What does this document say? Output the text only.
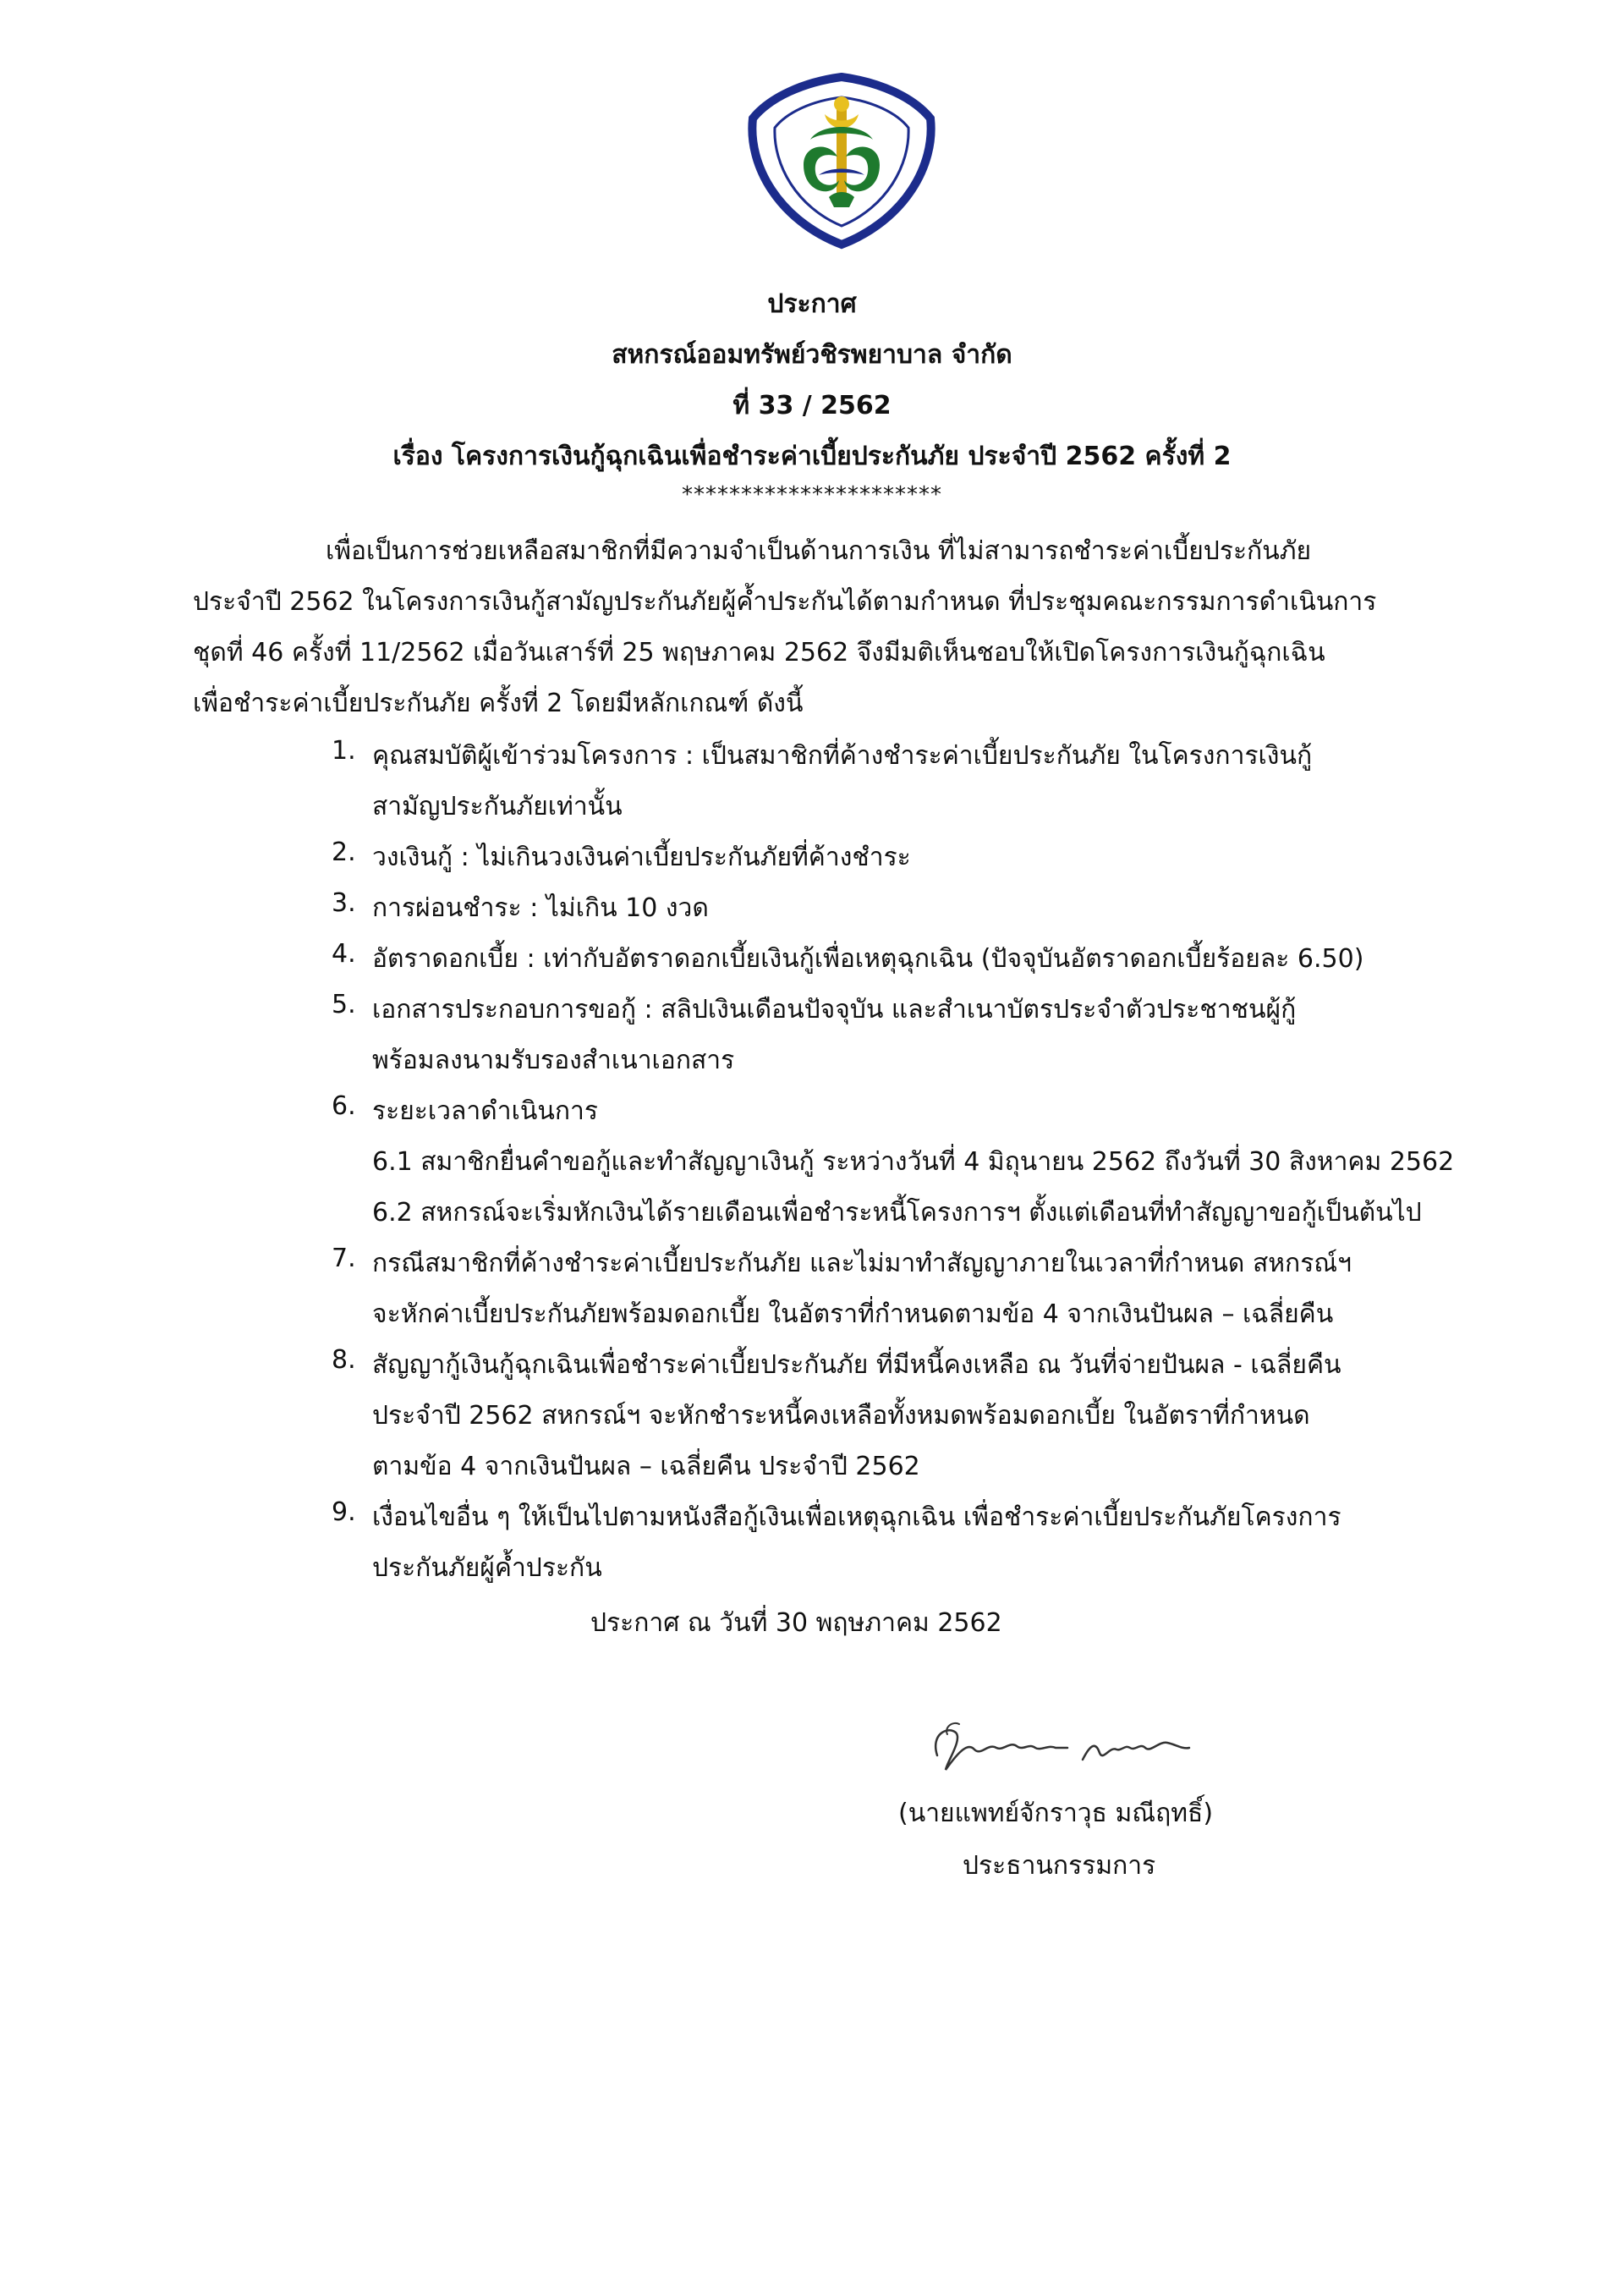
ประกาศ
สหกรณ์ออมทรัพย์วชิรพยาบาล จำกัด
ที่ 33 / 2562
เรื่อง โครงการเงินกู้ฉุกเฉินเพื่อชำระค่าเบี้ยประกันภัย ประจำปี 2562 ครั้งที่ 2
**********************
เพื่อเป็นการช่วยเหลือสมาชิกที่มีความจำเป็นด้านการเงิน ที่ไม่สามารถชำระค่าเบี้ยประกันภัย
ประจำปี 2562 ในโครงการเงินกู้สามัญประกันภัยผู้ค้ำประกันได้ตามกำหนด ที่ประชุมคณะกรรมการดำเนินการ
ชุดที่ 46 ครั้งที่ 11/2562 เมื่อวันเสาร์ที่ 25 พฤษภาคม 2562 จึงมีมติเห็นชอบให้เปิดโครงการเงินกู้ฉุกเฉิน
เพื่อชำระค่าเบี้ยประกันภัย ครั้งที่ 2 โดยมีหลักเกณฑ์ ดังนี้
1. คุณสมบัติผู้เข้าร่วมโครงการ : เป็นสมาชิกที่ค้างชำระค่าเบี้ยประกันภัย ในโครงการเงินกู้
สามัญประกันภัยเท่านั้น
2. วงเงินกู้ : ไม่เกินวงเงินค่าเบี้ยประกันภัยที่ค้างชำระ
3. การผ่อนชำระ : ไม่เกิน 10 งวด
4. อัตราดอกเบี้ย : เท่ากับอัตราดอกเบี้ยเงินกู้เพื่อเหตุฉุกเฉิน (ปัจจุบันอัตราดอกเบี้ยร้อยละ 6.50)
5. เอกสารประกอบการขอกู้ : สลิปเงินเดือนปัจจุบัน และสำเนาบัตรประจำตัวประชาชนผู้กู้
พร้อมลงนามรับรองสำเนาเอกสาร
6. ระยะเวลาดำเนินการ
6.1 สมาชิกยื่นคำขอกู้และทำสัญญาเงินกู้ ระหว่างวันที่ 4 มิถุนายน 2562 ถึงวันที่ 30 สิงหาคม 2562
6.2 สหกรณ์จะเริ่มหักเงินได้รายเดือนเพื่อชำระหนี้โครงการฯ ตั้งแต่เดือนที่ทำสัญญาขอกู้เป็นต้นไป
7. กรณีสมาชิกที่ค้างชำระค่าเบี้ยประกันภัย และไม่มาทำสัญญาภายในเวลาที่กำหนด สหกรณ์ฯ
จะหักค่าเบี้ยประกันภัยพร้อมดอกเบี้ย ในอัตราที่กำหนดตามข้อ 4 จากเงินปันผล – เฉลี่ยคืน
8. สัญญากู้เงินกู้ฉุกเฉินเพื่อชำระค่าเบี้ยประกันภัย ที่มีหนี้คงเหลือ ณ วันที่จ่ายปันผล - เฉลี่ยคืน
ประจำปี 2562 สหกรณ์ฯ จะหักชำระหนี้คงเหลือทั้งหมดพร้อมดอกเบี้ย ในอัตราที่กำหนด
ตามข้อ 4 จากเงินปันผล – เฉลี่ยคืน ประจำปี 2562
9. เงื่อนไขอื่น ๆ ให้เป็นไปตามหนังสือกู้เงินเพื่อเหตุฉุกเฉิน เพื่อชำระค่าเบี้ยประกันภัยโครงการ
ประกันภัยผู้ค้ำประกัน
ประกาศ ณ วันที่ 30 พฤษภาคม 2562
(นายแพทย์จักราวุธ มณีฤทธิ์)
ประธานกรรมการ
